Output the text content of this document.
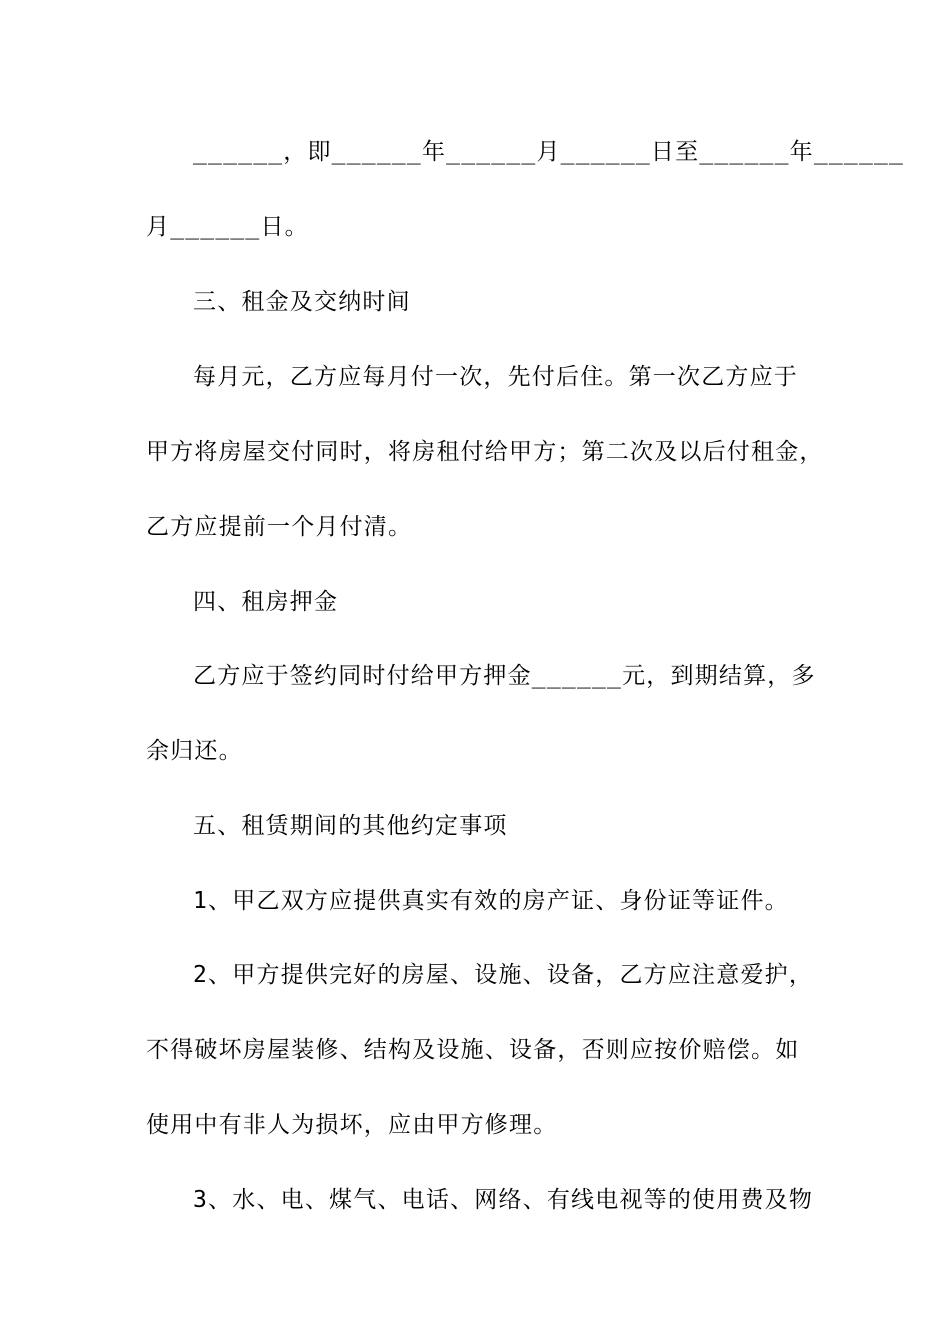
______，即______年______月______日至______年______
月______日。
三、租金及交纳时间
每月元，乙方应每月付一次，先付后住。第一次乙方应于
甲方将房屋交付同时，将房租付给甲方；第二次及以后付租金，
乙方应提前一个月付清。
四、租房押金
乙方应于签约同时付给甲方押金______元，到期结算，多
余归还。
五、租赁期间的其他约定事项
1、甲乙双方应提供真实有效的房产证、身份证等证件。
2、甲方提供完好的房屋、设施、设备，乙方应注意爱护，
不得破坏房屋装修、结构及设施、设备，否则应按价赔偿。如
使用中有非人为损坏，应由甲方修理。
3、水、电、煤气、电话、网络、有线电视等的使用费及物
